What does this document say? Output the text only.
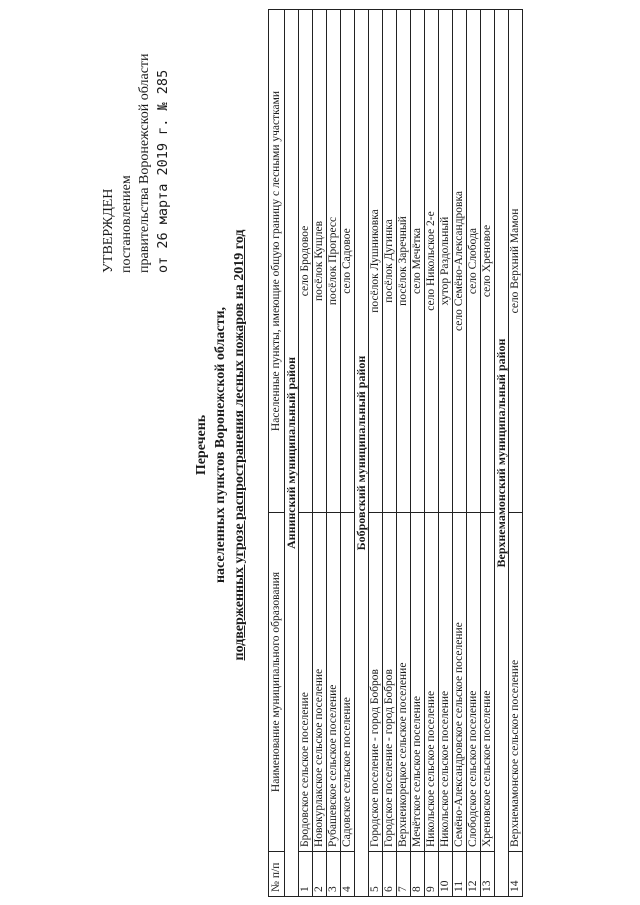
УТВЕРЖДЕН постановлением правительства Воронежской области от 26 марта 2019 г. № 285
Перечень населенных пунктов Воронежской области, подверженных угрозе распространения лесных пожаров на 2019 год
№ п/п	Наименование муниципального образования	Населенные пункты, имеющие общую границу с лесными участками
Аннинский муниципальный район		
1	Бродовское сельское поселение	село Бродовое
2	Новокурлакское сельское поселение	посёлок Кущлев
3	Рубашевское сельское поселение	посёлок Прогресс
4	Садовское сельское поселение	село Садовое
Бобровский муниципальный район		
5	Городское поселение - город Бобров	посёлок Лушниковка
6	Городское поселение - город Бобров	посёлок Дугинка
7	Верхнеикорецкое сельское поселение	посёлок Заречный
8	Мечётское сельское поселение	село Мечётка
9	Никольское сельское поселение	село Никольское 2-е
10	Никольское сельское поселение	хутор Раздольный
11	Семёно-Александровское сельское поселение	село Семёно-Александровка
12	Слободское сельское поселение	село Слобода
13	Хреновское сельское поселение	село Хреновое
Верхнемамонский муниципальный район		
14	Верхнемамонское сельское поселение	село Верхний Мамон
